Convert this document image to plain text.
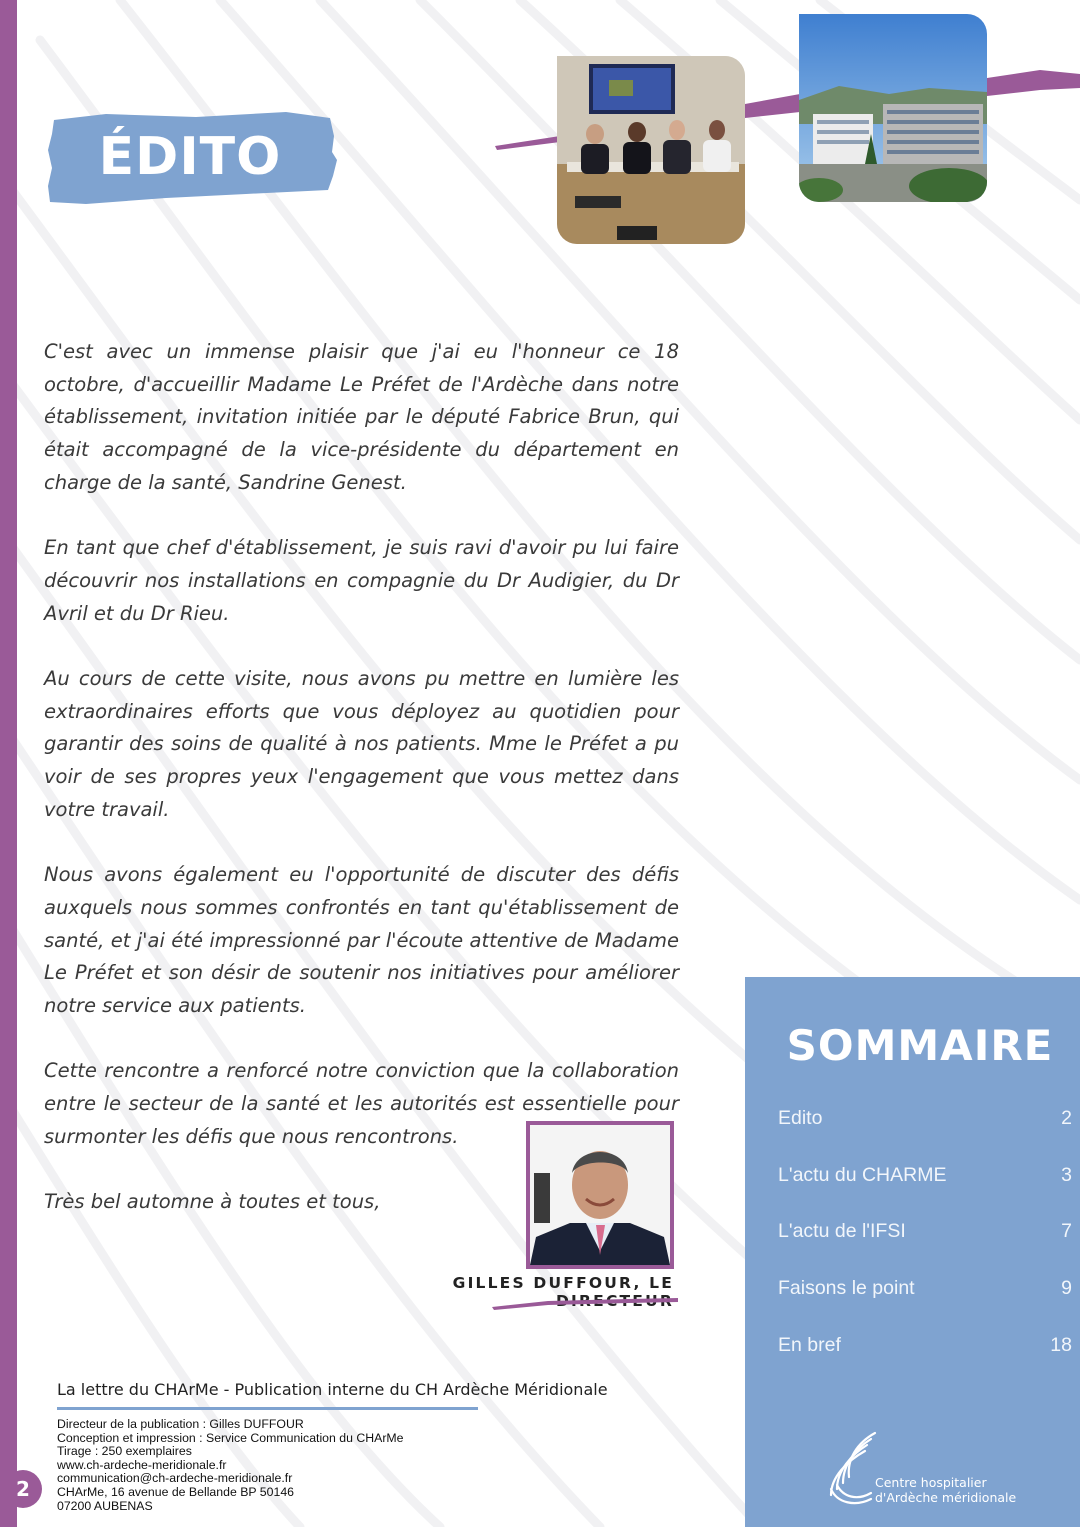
ÉDITO

C'est avec un immense plaisir que j'ai eu l'honneur ce 18 octobre, d'accueillir Madame Le Préfet de l'Ardèche dans notre établissement, invitation initiée par le député Fabrice Brun, qui était accompagné de la vice-présidente du département en charge de la santé, Sandrine Genest.

En tant que chef d'établissement, je suis ravi d'avoir pu lui faire découvrir nos installations en compagnie du Dr Audigier, du Dr Avril et du Dr Rieu.

Au cours de cette visite, nous avons pu mettre en lumière les extraordinaires efforts que vous déployez au quotidien pour garantir des soins de qualité à nos patients. Mme le Préfet a pu voir de ses propres yeux l'engagement que vous mettez dans votre travail.

Nous avons également eu l'opportunité de discuter des défis auxquels nous sommes confrontés en tant qu'établissement de santé, et j'ai été impressionné par l'écoute attentive de Madame Le Préfet et son désir de soutenir nos initiatives pour améliorer notre service aux patients.

Cette rencontre a renforcé notre conviction que la collaboration entre le secteur de la santé et les autorités est essentielle pour surmonter les défis que nous rencontrons.

Très bel automne à toutes et tous,

GILLES DUFFOUR, LE
La lettre du CHArMe - Publication interne du CH Ardèche Méridionale
Directeur de la publication : Gilles DUFFOUR
Conception et impression : Service Communication du CHArMe
Tirage : 250 exemplaires
www.ch-ardeche-meridionale.fr
communication@ch-ardeche-meridionale.fr
CHArMe, 16 avenue de Bellande BP 50146
07200 AUBENAS
2
SOMMAIRE
Edito	2
L'actu du CHARME	3
L'actu de l'IFSI	7
Faisons le point	9
En bref	18
Centre hospitalier
d'Ardèche méridionale
